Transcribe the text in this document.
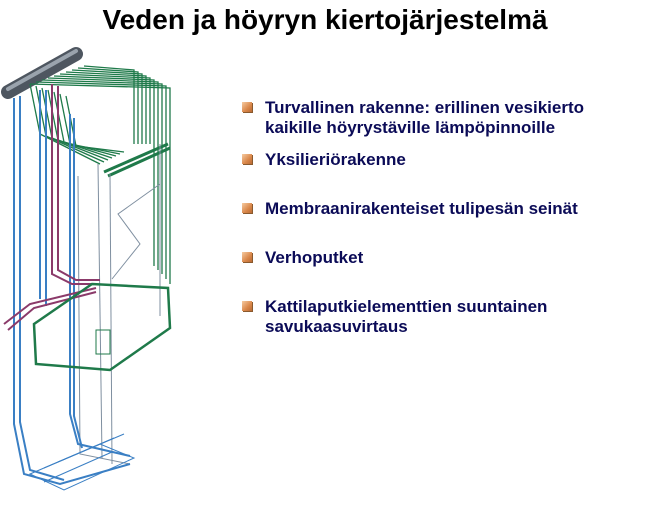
Veden ja höyryn kiertojärjestelmä
Turvallinen rakenne: erillinen vesikierto kaikille höyrystäville lämpöpinnoille
Yksilieriörakenne
Membraanirakenteiset tulipesän seinät
Verhoputket
Kattilaputkielementtien suuntainen savukaasuvirtaus
